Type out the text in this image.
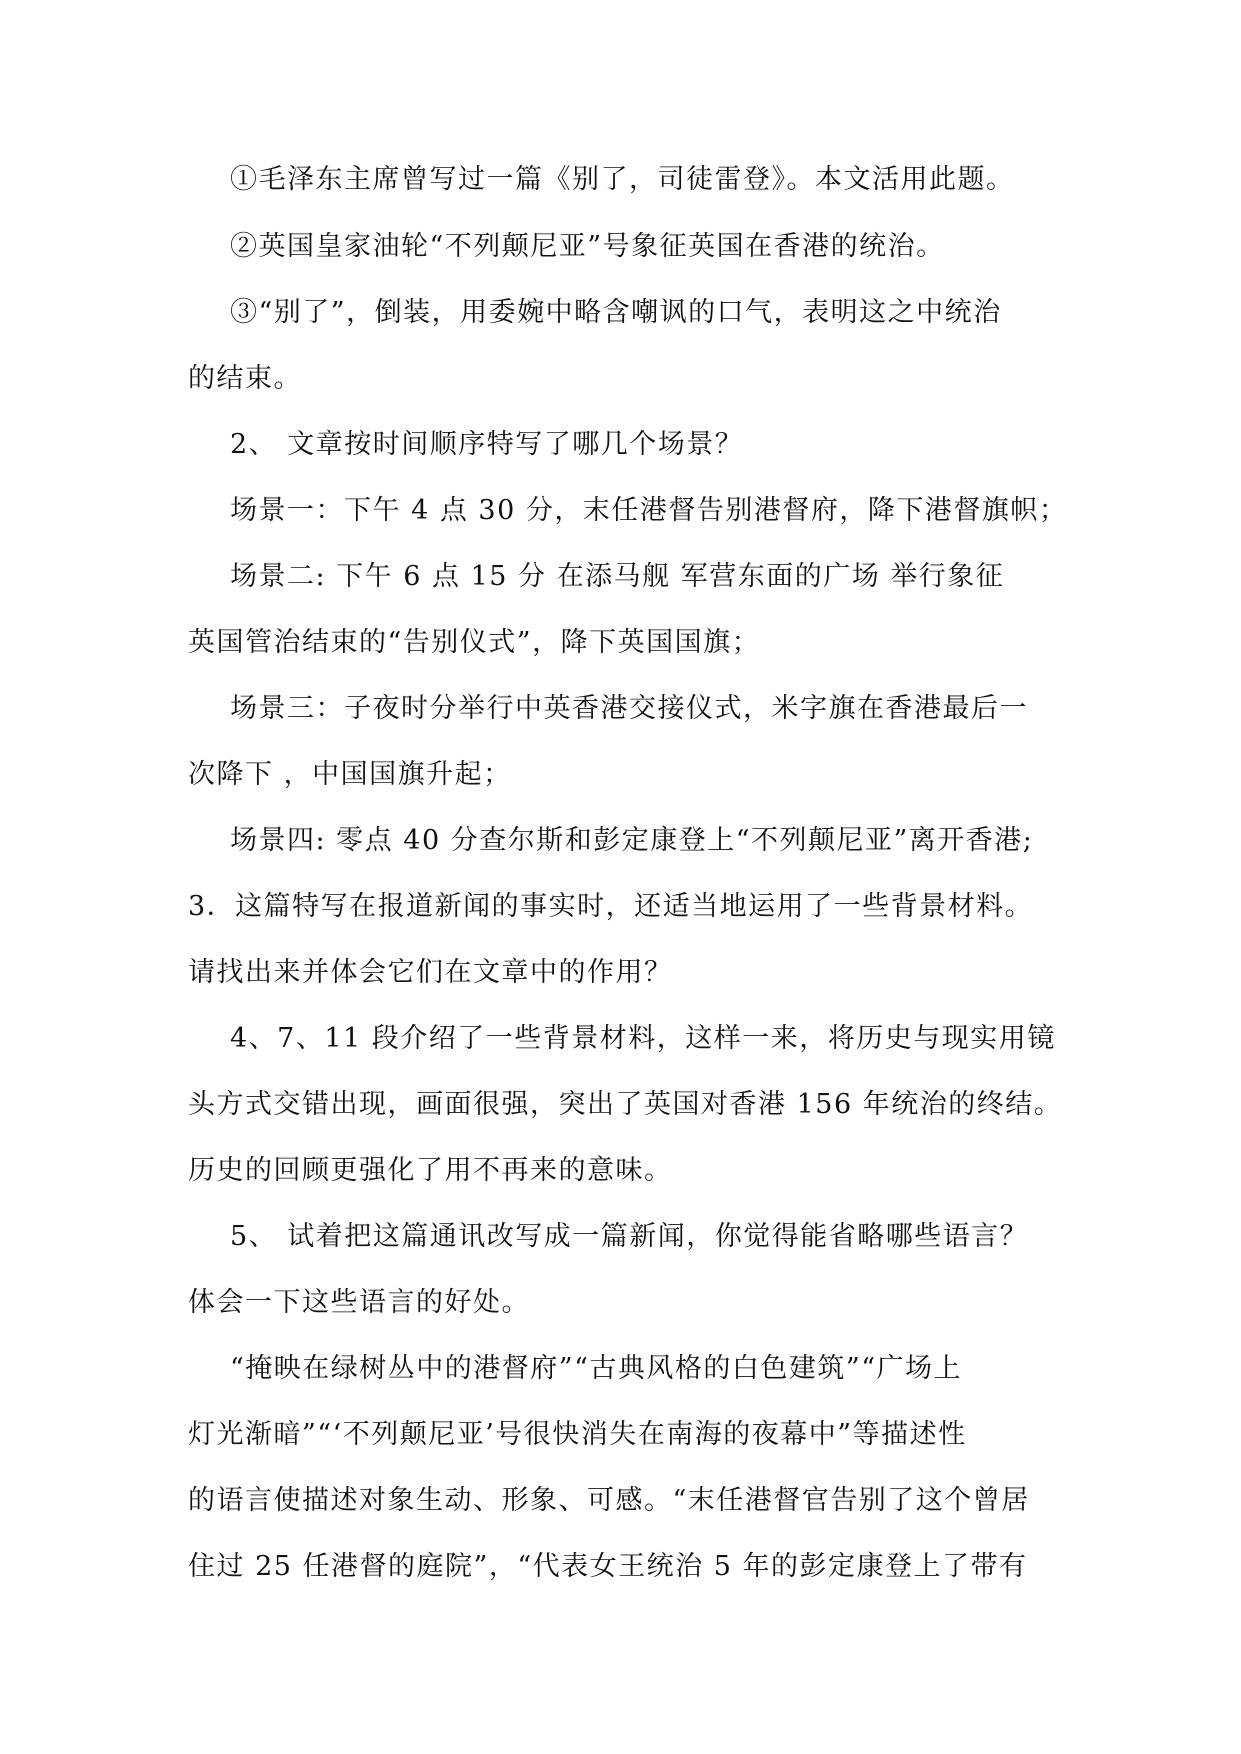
①毛泽东主席曾写过一篇《别了，司徒雷登》。本文活用此题。
②英国皇家油轮“不列颠尼亚”号象征英国在香港的统治。
③“别了”，倒装，用委婉中略含嘲讽的口气，表明这之中统治
的结束。
2、 文章按时间顺序特写了哪几个场景？
场景一：下午 4 点 30 分，末任港督告别港督府，降下港督旗帜；
场景二: 下午 6 点 15 分 在添马舰 军营东面的广场 举行象征
英国管治结束的“告别仪式”，降下英国国旗；
场景三：子夜时分举行中英香港交接仪式，米字旗在香港最后一
次降下 ，中国国旗升起；
场景四: 零点 40 分查尔斯和彭定康登上“不列颠尼亚”离开香港;
3．这篇特写在报道新闻的事实时，还适当地运用了一些背景材料。
请找出来并体会它们在文章中的作用？
4、7、11 段介绍了一些背景材料，这样一来，将历史与现实用镜
头方式交错出现，画面很强，突出了英国对香港 156 年统治的终结。
历史的回顾更强化了用不再来的意味。
5、 试着把这篇通讯改写成一篇新闻，你觉得能省略哪些语言？
体会一下这些语言的好处。
“掩映在绿树丛中的港督府”“古典风格的白色建筑”“广场上
灯光渐暗”“‘不列颠尼亚’号很快消失在南海的夜幕中”等描述性
的语言使描述对象生动、形象、可感。“末任港督官告别了这个曾居
住过 25 任港督的庭院”，“代表女王统治 5 年的彭定康登上了带有
